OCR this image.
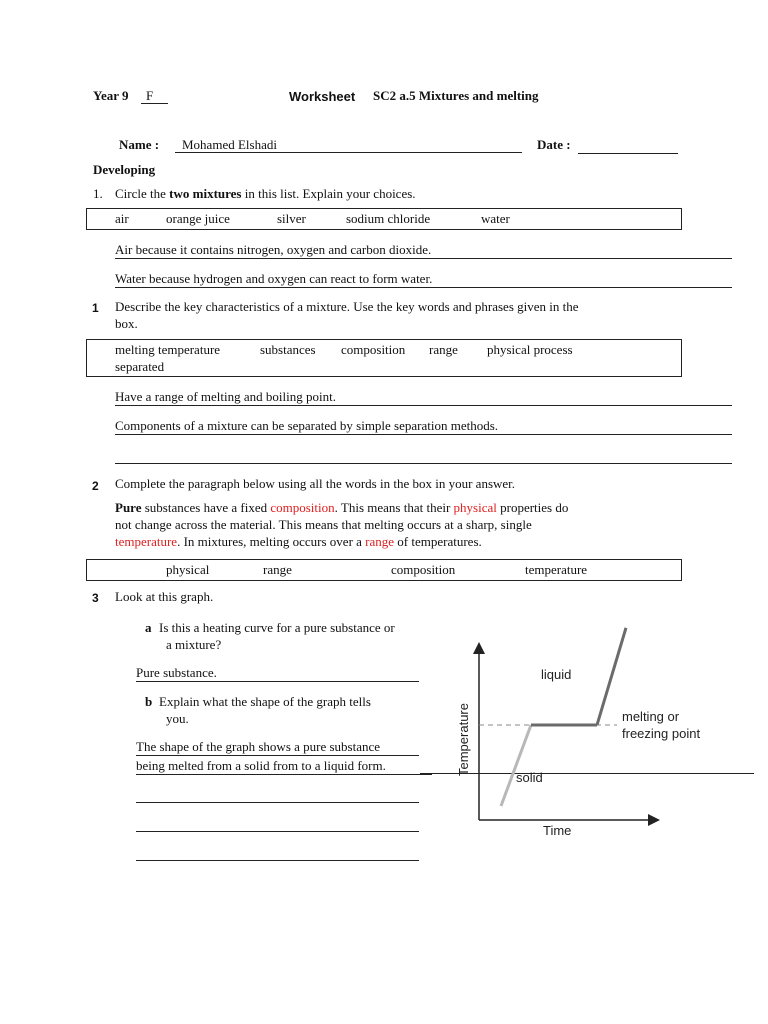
Year 9	F	Worksheet SC2 a.5 Mixtures and melting
Name :	Mohamed Elshadi	Date :
Developing
1. Circle the two mixtures in this list. Explain your choices.
air	orange juice	silver	sodium chloride	water
Air because it contains nitrogen, oxygen and carbon dioxide.
Water because hydrogen and oxygen can react to form water.
1 Describe the key characteristics of a mixture. Use the key words and phrases given in the
box.
melting temperature	substances composition range physical process
separated
Have a range of melting and boiling point.
Components of a mixture can be separated by simple separation methods.
2 Complete the paragraph below using all the words in the box in your answer.
Pure substances have a fixed composition. This means that their physical properties do
not change across the material. This means that melting occurs at a sharp, single
temperature. In mixtures, melting occurs over a range of temperatures.
physical	range	composition	temperature
3 Look at this graph.
a Is this a heating curve for a pure substance or
a mixture?
Pure substance.
b Explain what the shape of the graph tells
you.
The shape of the graph shows a pure substance
being melted from a solid from to a liquid form.
liquid
melting or
freezing point
solid
Time
Temperature
